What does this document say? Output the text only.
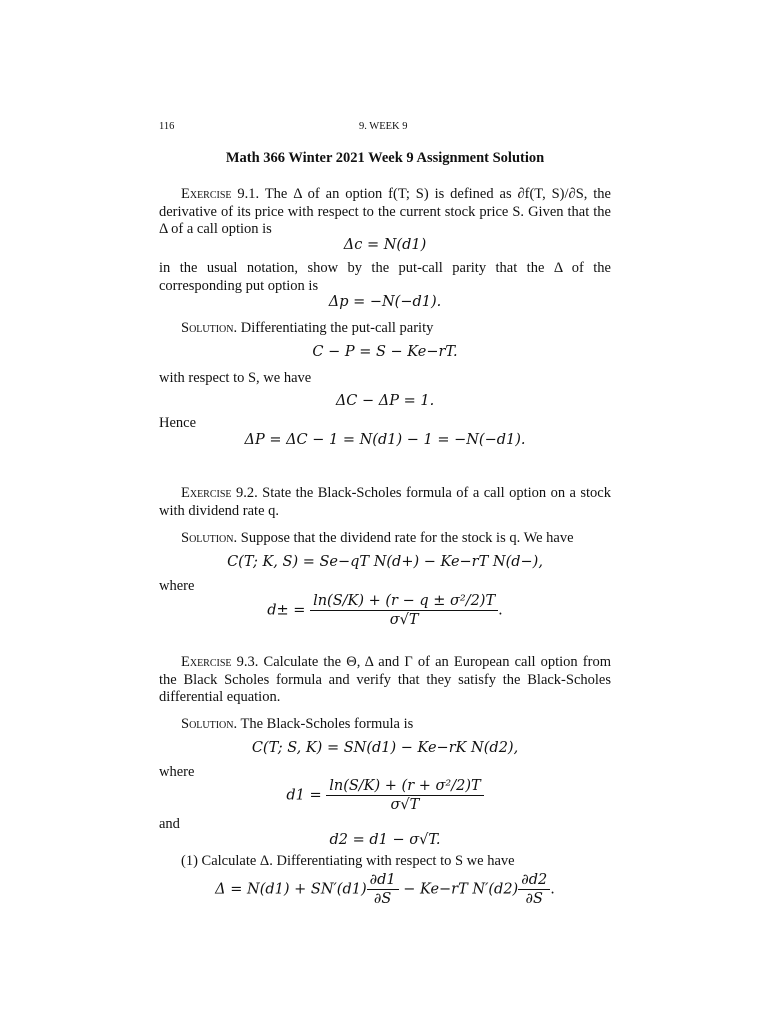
116	9. WEEK 9
Math 366 Winter 2021 Week 9 Assignment Solution
Exercise 9.1. The Δ of an option f(T; S) is defined as ∂f(T, S)/∂S, the derivative of its price with respect to the current stock price S. Given that the Δ of a call option is
Δc = N(d1)
in the usual notation, show by the put-call parity that the Δ of the corresponding put option is
Δp = −N(−d1).
Solution. Differentiating the put-call parity
C − P = S − Ke−rT.
with respect to S, we have
ΔC − ΔP = 1.
Hence
ΔP = ΔC − 1 = N(d1) − 1 = −N(−d1).
Exercise 9.2. State the Black-Scholes formula of a call option on a stock with dividend rate q.
Solution. Suppose that the dividend rate for the stock is q. We have
C(T; K, S) = Se−qT N(d+) − Ke−rT N(d−),
where
$d\pm = \frac{\text{ln(S/K) + (r − q ± σ²/2)T}}{\sigma√T}$ .
Exercise 9.3. Calculate the Θ, Δ and Γ of an European call option from the Black Scholes formula and verify that they satisfy the Black-Scholes differential equation.
Solution. The Black-Scholes formula is
C(T; S, K) = SN(d1) − Ke−rK N(d2),
where
$d1 = \frac{\text{ln(S/K) + (r + σ²/2)T}}{\sigma√T}$
and
d2 = d1 − σ√T.
(1) Calculate Δ. Differentiating with respect to S we have
$\Delta = N(d1) + SN'(d1) \frac{\partial d1}{\partial S} - Ke-rT$ $N'(d2) \frac{\partial d2}{\partial S}$ .
